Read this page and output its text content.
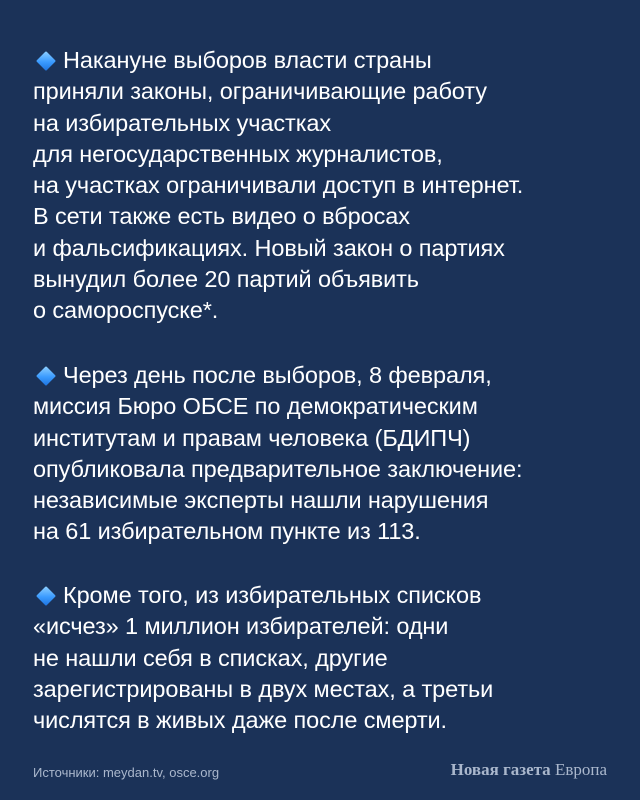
Накануне выборов власти страны
приняли законы, ограничивающие работу
на избирательных участках
для негосударственных журналистов,
на участках ограничивали доступ в интернет.
В сети также есть видео о вбросах
и фальсификациях. Новый закон о партиях
вынудил более 20 партий объявить
о самороспуске*.
Через день после выборов, 8 февраля,
миссия Бюро ОБСЕ по демократическим
институтам и правам человека (БДИПЧ)
опубликовала предварительное заключение:
независимые эксперты нашли нарушения
на 61 избирательном пункте из 113.
Кроме того, из избирательных списков
«исчез» 1 миллион избирателей: одни
не нашли себя в списках, другие
зарегистрированы в двух местах, а третьи
числятся в живых даже после смерти.
Источники: meydan.tv, osce.org	Новая газета Европа
